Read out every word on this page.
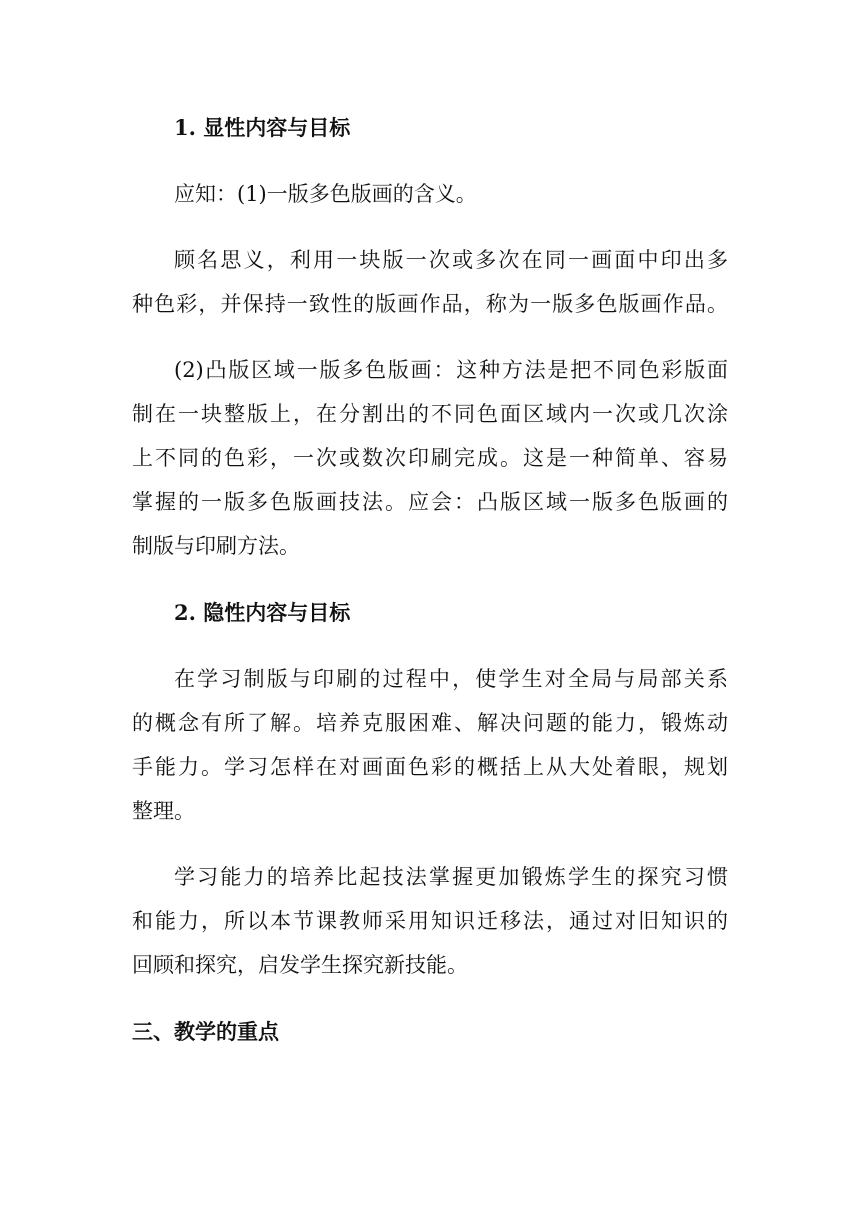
1. 显性内容与目标
应知：(1)一版多色版画的含义。
顾名思义，利用一块版一次或多次在同一画面中印出多
种色彩，并保持一致性的版画作品，称为一版多色版画作品。
(2)凸版区域一版多色版画：这种方法是把不同色彩版面
制在一块整版上，在分割出的不同色面区域内一次或几次涂
上不同的色彩，一次或数次印刷完成。这是一种简单、容易
掌握的一版多色版画技法。应会：凸版区域一版多色版画的
制版与印刷方法。
2. 隐性内容与目标
在学习制版与印刷的过程中，使学生对全局与局部关系
的概念有所了解。培养克服困难、解决问题的能力，锻炼动
手能力。学习怎样在对画面色彩的概括上从大处着眼，规划
整理。
学习能力的培养比起技法掌握更加锻炼学生的探究习惯
和能力，所以本节课教师采用知识迁移法，通过对旧知识的
回顾和探究，启发学生探究新技能。
三、教学的重点
